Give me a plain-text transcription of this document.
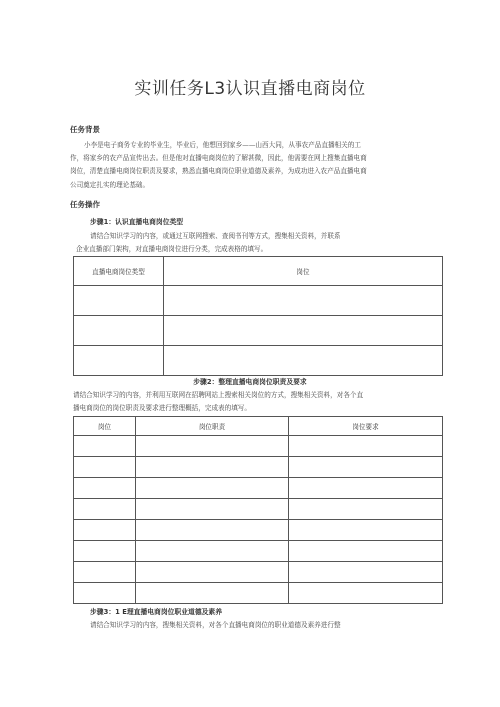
实训任务L3认识直播电商岗位
任务背景
小李是电子商务专业的毕业生，毕业后，他想回到家乡——山西大同，从事农产品直播相关的工
作，将家乡的农产品宣传出去。但是他对直播电商岗位的了解甚微，因此，他需要在网上搜集直播电商
岗位，清楚直播电商岗位职责及要求，熟悉直播电商岗位职业道德及素养，为成功进入农产品直播电商
公司奠定扎实的理论基础。
任务操作
步骤1：认识直播电商岗位类型
请结合知识学习的内容，或通过互联网搜索、查阅书刊等方式，搜集相关资料，并联系
企业直播部门架构，对直播电商岗位进行分类，完成表格的填写。
直播电商岗位类型	岗位

步骤2：整理直播电商岗位职责及要求
请结合知识学习的内容，并利用互联网在招聘网站上搜索相关岗位的方式，搜集相关资料，对各个直
播电商岗位的岗位职责及要求进行整理概括，完成表的填写。
岗位	岗位职责	岗位要求

步骤3：1 E理直播电商岗位职业道德及素养
请结合知识学习的内容，搜集相关资料，对各个直播电商岗位的职业道德及素养进行整
